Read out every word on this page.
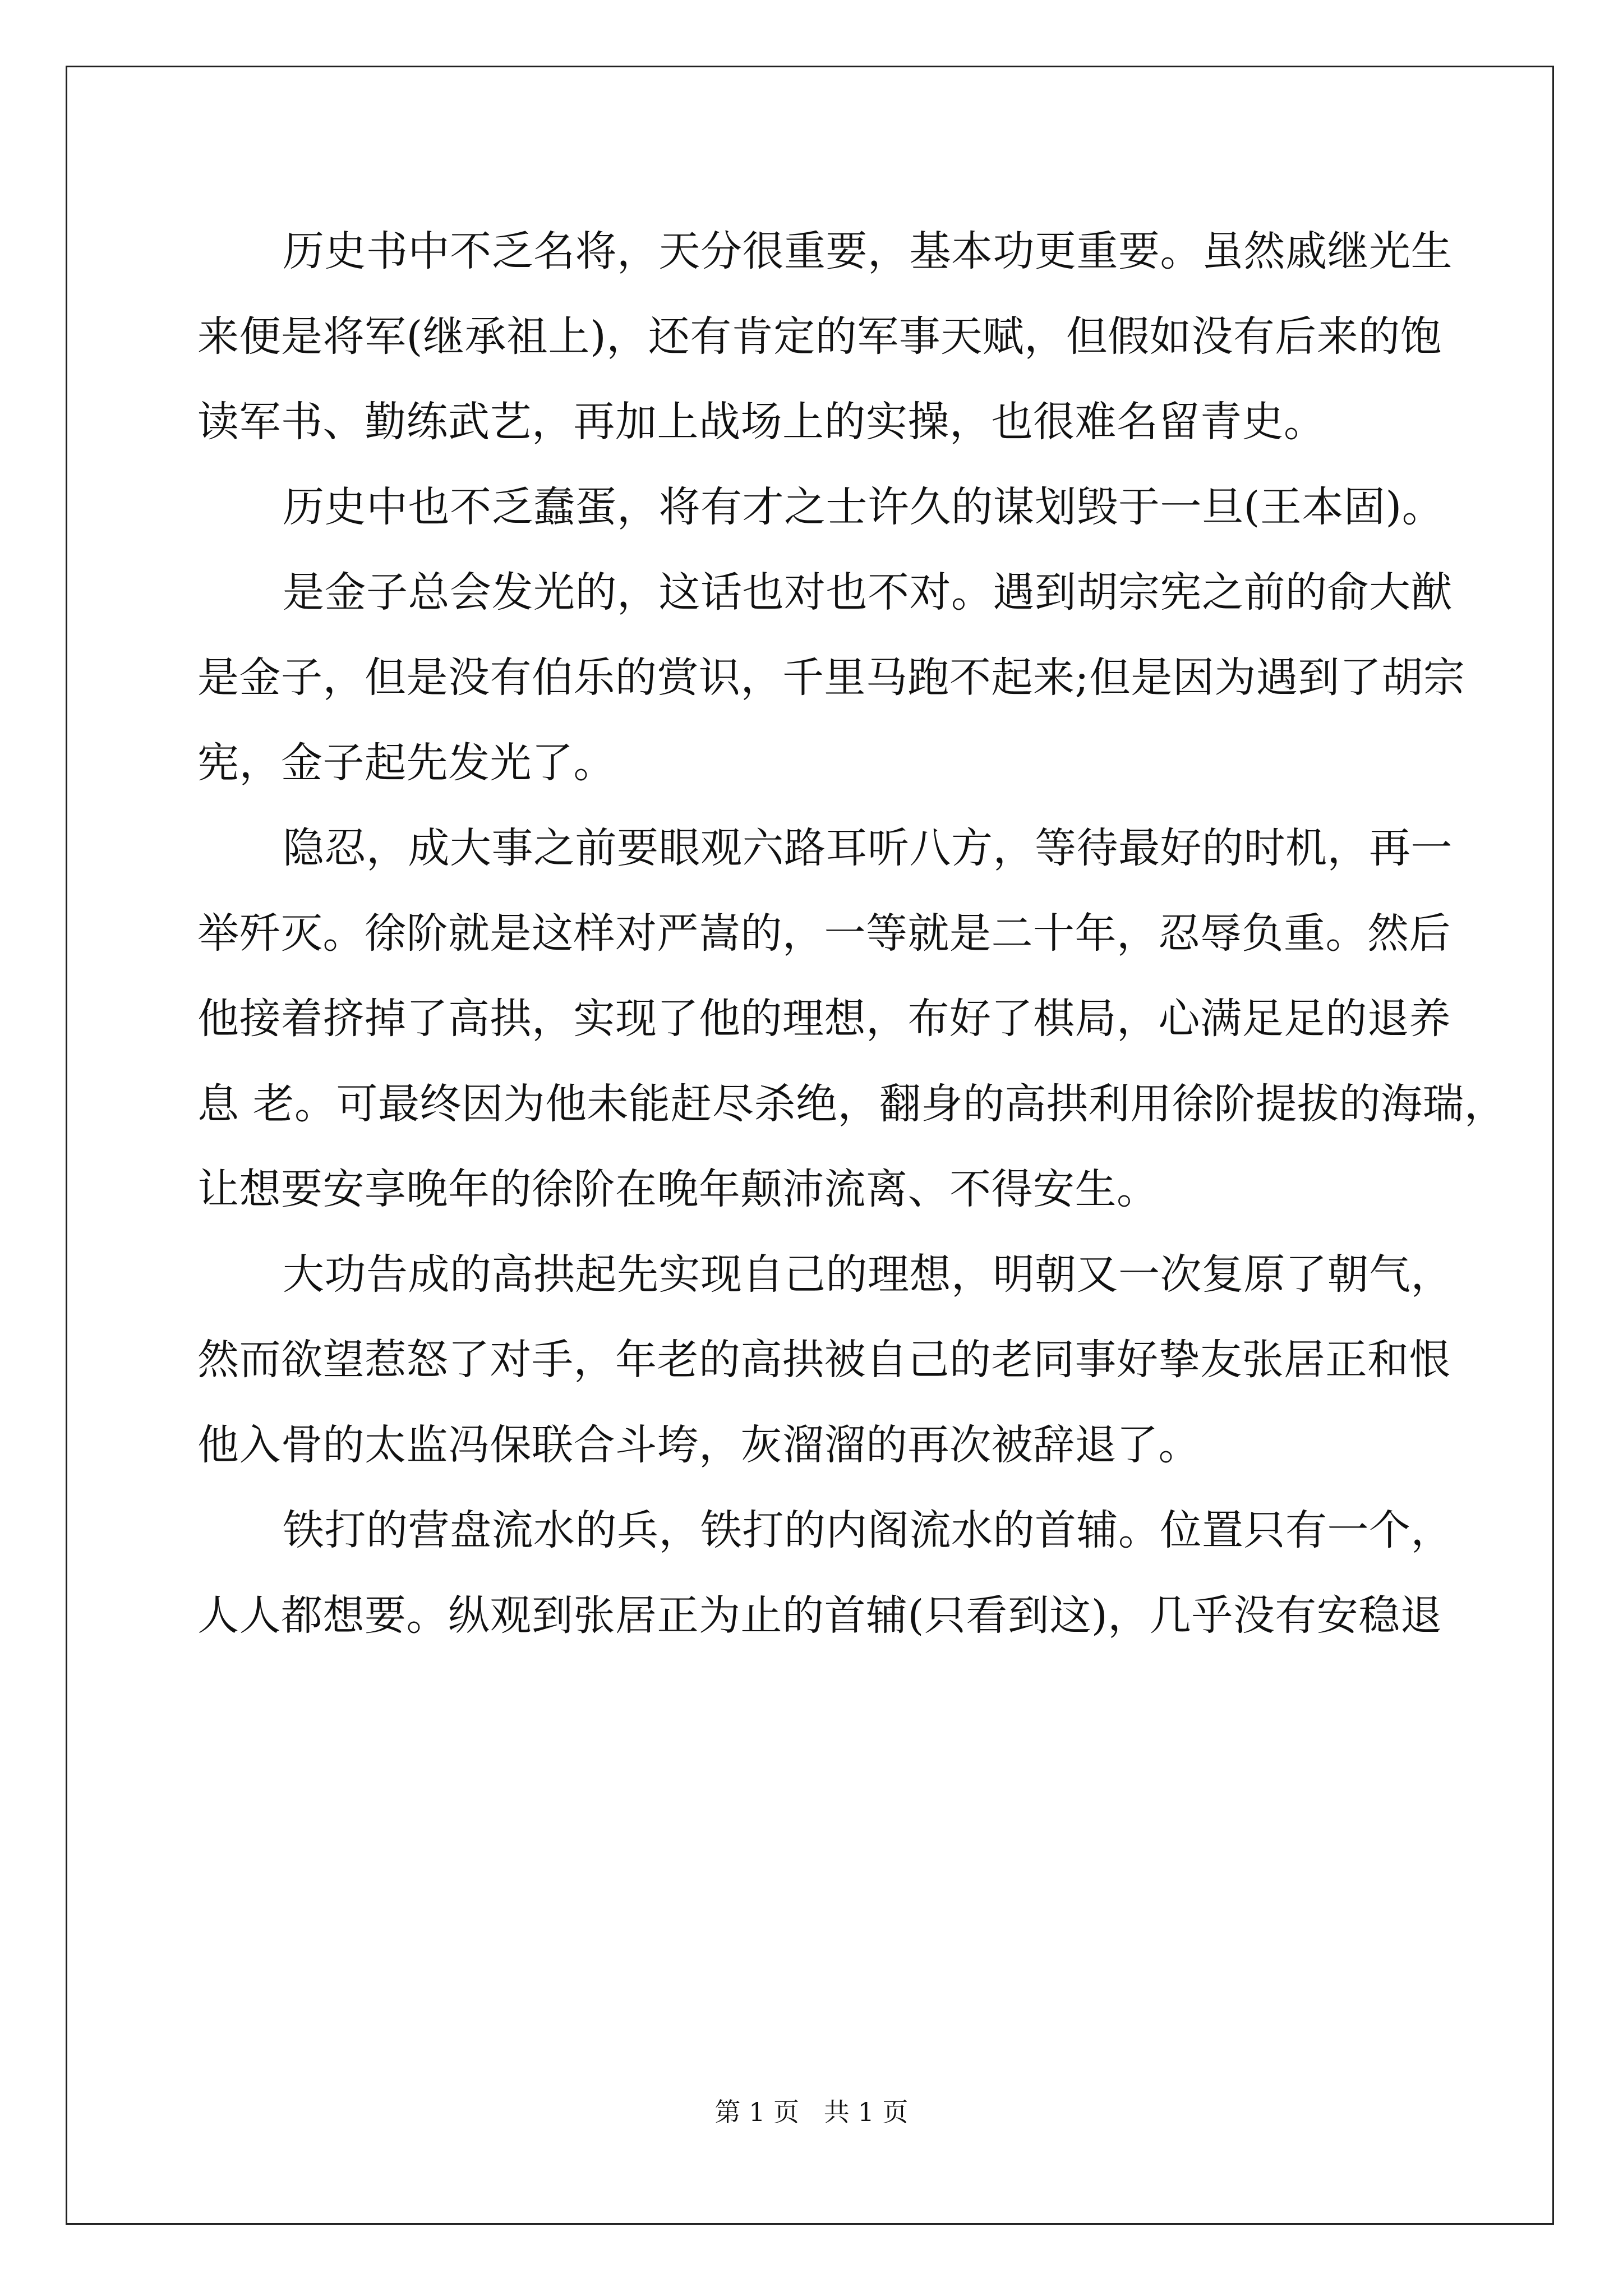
历史书中不乏名将，天分很重要，基本功更重要。虽然戚继光生
来便是将军(继承祖上)，还有肯定的军事天赋，但假如没有后来的饱
读军书、勤练武艺，再加上战场上的实操，也很难名留青史。
历史中也不乏蠢蛋，将有才之士许久的谋划毁于一旦(王本固)。
是金子总会发光的，这话也对也不对。遇到胡宗宪之前的俞大猷
是金子，但是没有伯乐的赏识，千里马跑不起来;但是因为遇到了胡宗
宪，金子起先发光了。
隐忍，成大事之前要眼观六路耳听八方，等待最好的时机，再一
举歼灭。徐阶就是这样对严嵩的，一等就是二十年，忍辱负重。然后
他接着挤掉了高拱，实现了他的理想，布好了棋局，心满足足的退养
息 老。可最终因为他未能赶尽杀绝，翻身的高拱利用徐阶提拔的海瑞，
让想要安享晚年的徐阶在晚年颠沛流离、不得安生。
大功告成的高拱起先实现自己的理想，明朝又一次复原了朝气，
然而欲望惹怒了对手，年老的高拱被自己的老同事好挚友张居正和恨
他入骨的太监冯保联合斗垮，灰溜溜的再次被辞退了。
铁打的营盘流水的兵，铁打的内阁流水的首辅。位置只有一个，
人人都想要。纵观到张居正为止的首辅(只看到这)，几乎没有安稳退
第 1 页   共 1 页
